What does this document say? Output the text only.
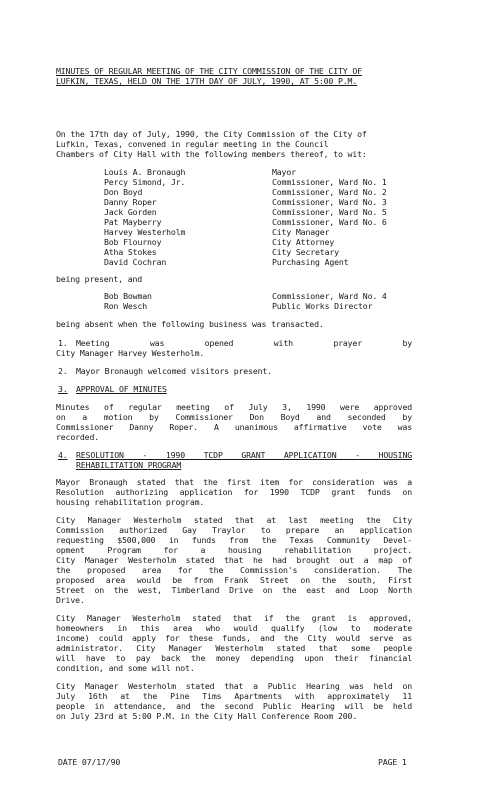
MINUTES OF REGULAR MEETING OF THE CITY COMMISSION OF THE CITY OF
LUFKIN, TEXAS, HELD ON THE 17TH DAY OF JULY, 1990, AT 5:00 P.M.
On the 17th day of July, 1990, the City Commission of the City of
Lufkin, Texas, convened in regular meeting in the Council
Chambers of City Hall with the following members thereof, to wit:
Louis A. Bronaugh	Mayor
Percy Simond, Jr.	Commissioner, Ward No. 1
Don Boyd	Commissioner, Ward No. 2
Danny Roper	Commissioner, Ward No. 3
Jack Gorden	Commissioner, Ward No. 5
Pat Mayberry	Commissioner, Ward No. 6
Harvey Westerholm	City Manager
Bob Flournoy	City Attorney
Atha Stokes	City Secretary
David Cochran	Purchasing Agent
being present, and
Bob Bowman	Commissioner, Ward No. 4
Ron Wesch	Public Works Director
being absent when the following business was transacted.
1. Meeting was opened with prayer by
City Manager Harvey Westerholm.
2. Mayor Bronaugh welcomed visitors present.
3. APPROVAL OF MINUTES
Minutes of regular meeting of July 3, 1990 were approved
on a motion by Commissioner Don Boyd and seconded by
Commissioner Danny Roper. A unanimous affirmative vote was
recorded.
4. RESOLUTION - 1990 TCDP GRANT APPLICATION - HOUSING
REHABILITATION PROGRAM
Mayor Bronaugh stated that the first item for consideration was a
Resolution authorizing application for 1990 TCDP grant funds on
housing rehabilitation program.
City Manager Westerholm stated that at last meeting the City
Commission authorized Gay Traylor to prepare an application
requesting $500,000 in funds from the Texas Community Devel-
opment Program for a housing rehabilitation project.
City Manager Westerholm stated that he had brought out a map of
the proposed area for the Commission's consideration. The
proposed area would be from Frank Street on the south, First
Street on the west, Timberland Drive on the east and Loop North
Drive.
City Manager Westerholm stated that if the grant is approved,
homeowners in this area who would qualify (low to moderate
income) could apply for these funds, and the City would serve as
administrator. City Manager Westerholm stated that some people
will have to pay back the money depending upon their financial
condition, and some will not.
City Manager Westerholm stated that a Public Hearing was held on
July 16th at the Pine Tims Apartments with approximately 11
people in attendance, and the second Public Hearing will be held
on July 23rd at 5:00 P.M. in the City Hall Conference Room 200.
DATE 07/17/90	PAGE 1
